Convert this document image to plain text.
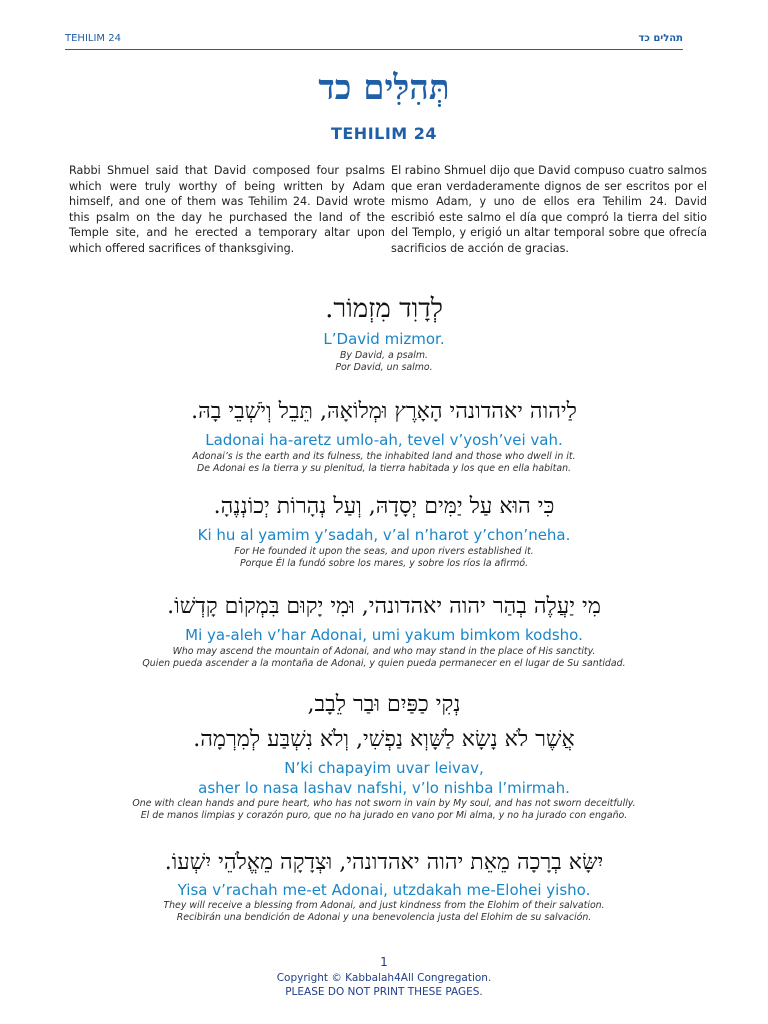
TEHILIM 24	תהלים כד
תְּהִלִּים כד
TEHILIM 24
Rabbi Shmuel said that David composed four psalms which were truly worthy of being written by Adam himself, and one of them was Tehilim 24. David wrote this psalm on the day he purchased the land of the Temple site, and he erected a temporary altar upon which offered sacrifices of thanksgiving.
El rabino Shmuel dijo que David compuso cuatro salmos que eran verdaderamente dignos de ser escritos por el mismo Adam, y uno de ellos era Tehilim 24. David escribió este salmo el día que compró la tierra del sitio del Templo, y erigió un altar temporal sobre que ofrecía sacrificios de acción de gracias.
לְדָוִד מִזְמוֹר.
L’David mizmor.
By David, a psalm.
Por David, un salmo.
לַיהוה יאהדונהי הָאָרֶץ וּמְלוֹאָהּ, תֵּבֵל וְיֹשְׁבֵי בָהּ.
Ladonai ha-aretz umlo-ah, tevel v’yosh’vei vah.
Adonai’s is the earth and its fulness, the inhabited land and those who dwell in it.
De Adonai es la tierra y su plenitud, la tierra habitada y los que en ella habitan.
כִּי הוּא עַל יַמִּים יְסָדָהּ, וְעַל נְהָרוֹת יְכוֹנְנֶהָ.
Ki hu al yamim y’sadah, v’al n’harot y’chon’neha.
For He founded it upon the seas, and upon rivers established it.
Porque Él la fundó sobre los mares, y sobre los ríos la afirmó.
מִי יַעֲלֶה בְהַר יהוה יאהדונהי, וּמִי יָקוּם בִּמְקוֹם קָדְשׁוֹ.
Mi ya-aleh v’har Adonai, umi yakum bimkom kodsho.
Who may ascend the mountain of Adonai, and who may stand in the place of His sanctity.
Quien pueda ascender a la montaña de Adonai, y quien pueda permanecer en el lugar de Su santidad.
נְקִי כַפַּיִם וּבַר לֵבָב,
אֲשֶׁר לֹא נָשָׂא לַשָּׁוְא נַפְשִׁי, וְלֹא נִשְׁבַּע לְמִרְמָה.
N’ki chapayim uvar leivav,
asher lo nasa lashav nafshi, v’lo nishba l’mirmah.
One with clean hands and pure heart, who has not sworn in vain by My soul, and has not sworn deceitfully.
El de manos limpias y corazón puro, que no ha jurado en vano por Mi alma, y no ha jurado con engaño.
יִשָּׂא בְרָכָה מֵאֵת יהוה יאהדונהי, וּצְדָקָה מֵאֱלֹהֵי יִשְׁעוֹ.
Yisa v’rachah me-et Adonai, utzdakah me-Elohei yisho.
They will receive a blessing from Adonai, and just kindness from the Elohim of their salvation.
Recibirán una bendición de Adonai y una benevolencia justa del Elohim de su salvación.
1
Copyright © Kabbalah4All Congregation.
PLEASE DO NOT PRINT THESE PAGES.
